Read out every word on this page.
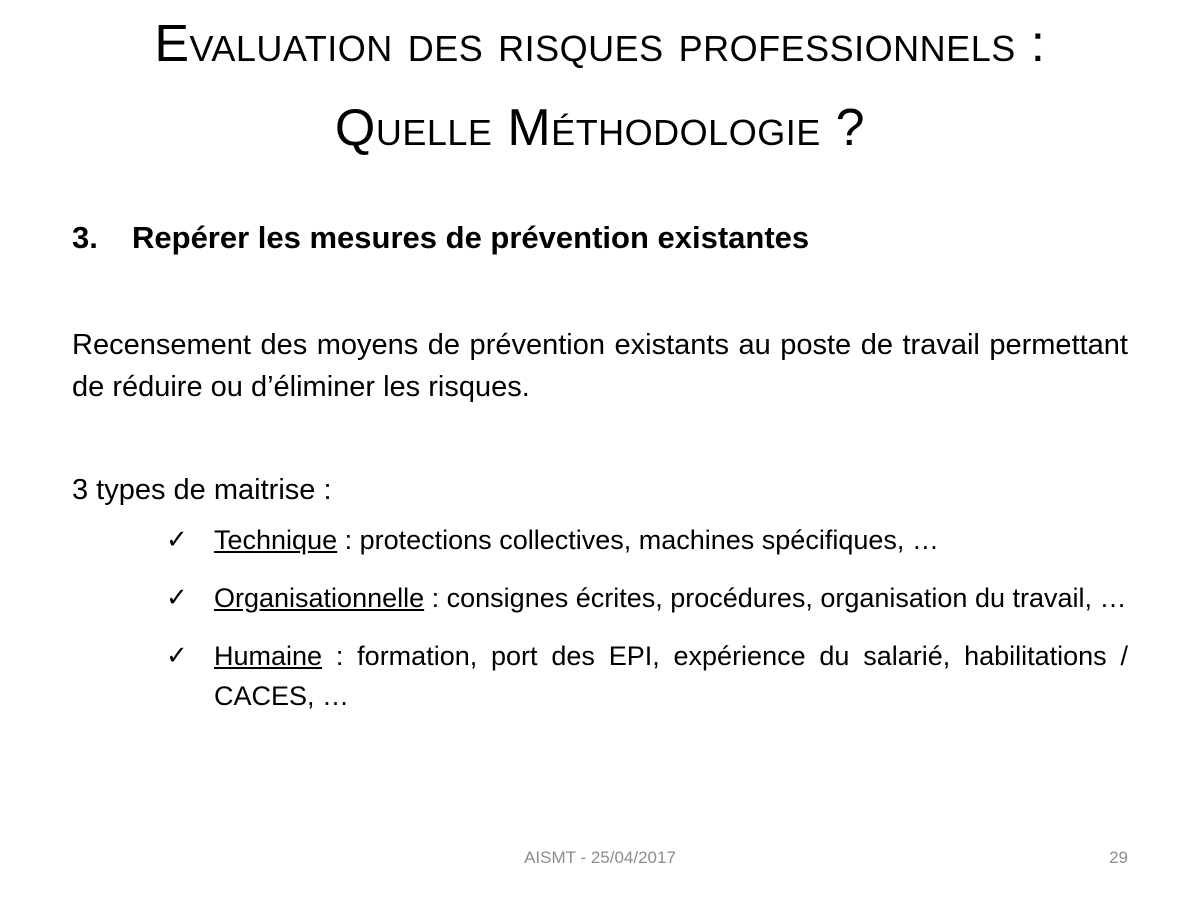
Evaluation des risques professionnels :
Quelle Méthodologie ?
3. Repérer les mesures de prévention existantes

Recensement des moyens de prévention existants au poste de travail permettant de réduire ou d’éliminer les risques.

3 types de maitrise :

✓ Technique : protections collectives, machines spécifiques, …
✓ Organisationnelle : consignes écrites, procédures, organisation du travail, …
✓ Humaine : formation, port des EPI, expérience du salarié, habilitations / CACES, …

AISMT - 25/04/2017	29
